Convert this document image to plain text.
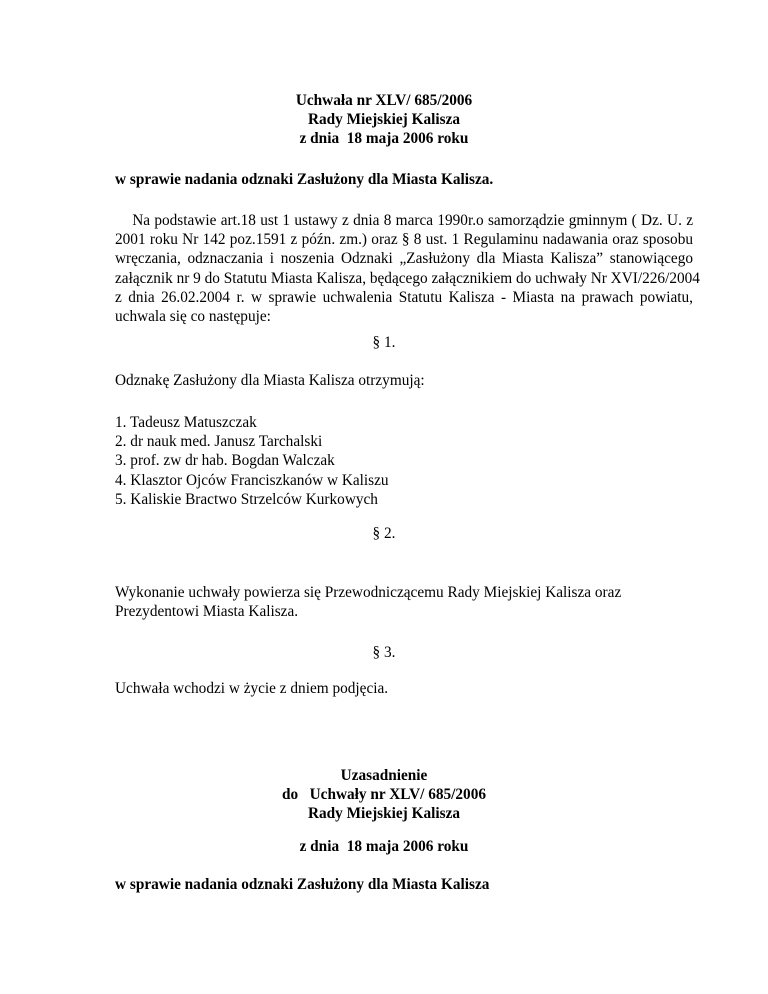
Uchwała nr XLV/ 685/2006
Rady Miejskiej Kalisza
z dnia  18 maja 2006 roku
w sprawie nadania odznaki Zasłużony dla Miasta Kalisza.
Na podstawie art.18 ust 1 ustawy z dnia 8 marca 1990r.o samorządzie gminnym ( Dz. U. z
2001 roku Nr 142 poz.1591 z późn. zm.) oraz § 8 ust. 1 Regulaminu nadawania oraz sposobu
wręczania, odznaczania i noszenia Odznaki „Zasłużony dla Miasta Kalisza” stanowiącego
załącznik nr 9 do Statutu Miasta Kalisza, będącego załącznikiem do uchwały Nr XVI/226/2004
z dnia 26.02.2004 r. w sprawie uchwalenia Statutu Kalisza - Miasta na prawach powiatu,
uchwala się co następuje:
§ 1.
Odznakę Zasłużony dla Miasta Kalisza otrzymują:
1. Tadeusz Matuszczak
2. dr nauk med. Janusz Tarchalski
3. prof. zw dr hab. Bogdan Walczak
4. Klasztor Ojców Franciszkanów w Kaliszu
5. Kaliskie Bractwo Strzelców Kurkowych
§ 2.
Wykonanie uchwały powierza się Przewodniczącemu Rady Miejskiej Kalisza oraz
Prezydentowi Miasta Kalisza.
§ 3.
Uchwała wchodzi w życie z dniem podjęcia.
Uzasadnienie
do   Uchwały nr XLV/ 685/2006
Rady Miejskiej Kalisza
z dnia  18 maja 2006 roku
w sprawie nadania odznaki Zasłużony dla Miasta Kalisza
